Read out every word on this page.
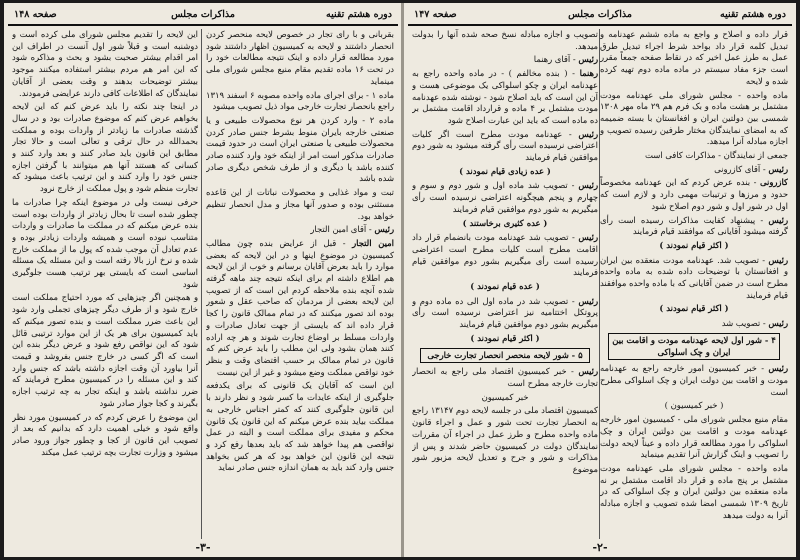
دوره هشتم تقنیه
مذاکرات مجلس
صفحه ۱۴۸

بقربانی و با رای تجار در خصوص لایحه منحصر کردن انحصار داشتند و لایحه به کمیسیون اظهار داشتند شود مورد مطالعه قرار داده و اینک نتیجه مطالعات خود را در تحت ۱۶ ماده تقدیم مقام منیع مجلس شورای ملی مینماید

ماده ۱ - برای اجرای ماده واحده مصوبه ۶ اسفند ۱۳۱۹ راجع بانحصار تجارت خارجی مواد ذیل تصویب میشود

ماده ۲ - وارد کردن هر نوع محصولات طبیعی و یا صنعتی خارجه بایران منوط بشرط جنس صادر کردن محصولات طبیعی یا صنعتی ایران است در حدود قیمت صادرات مذکور است امر از اینکه خود وارد کننده صادر کننده باشد یا دیگری و از طرف شخص دیگری صادر شده باشد

تبت و مواد غذایی و محصولات نباتات از این قاعده مستثنی بوده و صدور آنها مجاز و مدل انحصار تنظیم خواهد بود.

رئیس - آقای امین التجار

امین التجار - قبل از عرایض بنده چون مطالب کمیسیون در موضوع اینها و در این لایحه که بعضی موارد را باید بعرض آقایان برسانم و خوب از این لایحه هم اطلاع داشته ام برای اینکه نتیجه چند ماهه گرفته شده آنچه بنده ملاحظه کردم این است که از تصویب این لایحه بعضی از مردمان که صاحب عقل و شعور بوده اند تصور میکنند که در تمام ممالک قانون را کجا قرار داده اند که بایستی از جهت تعادل صادرات و واردات مسلط بر اوضاع تجارت شوند و هر چه اراده کنند همان بشود ولی این مطلب را باید عرض کنم که قانون در تمام ممالک بر حسب اقتضای وقت و بنظر خود نواقص مملکت وضع میشود و غیر از این نیست

این است که آقایان یک قانونی که برای یکدفعه جلوگیری از اینکه عایدات ما کسر شود و نظر دارند با این قانون جلوگیری کنند که کمتر اجناس خارجی به مملکت بیاید بنده عرض میکنم که این قانون یک قانون محکم و مفیدی برای مملکت است و البته در عمل نواقصی هم پیدا خواهد شد که باید بعدها رفع کرد و نتیجه این قانون این خواهد بود که هر کس بخواهد جنس وارد کند باید به همان اندازه جنس صادر نماید

این لایحه را تقدیم مجلس شورای ملی کرده است و دوشنبه است و قبلاً شور اول آنست در اطراف این امر اقدام بیشتر صحبت بشود و بحث و مذاکره شود که این امر هم مردم بیشتر استفاده میکنند موجود بیشتر توضیحات بدهند و وقت بعضی از آقایان نمایندگان که اطلاعات کافی دارند عرایضی فرمودند.

در اینجا چند نکته را باید عرض کنم که این لایحه بخواهم عرض کنم که موضوع صادرات بود و در سال گذشته صادرات ما زیادتر از واردات بوده و مملکت بحمدالله در حال ترقی و تعالی است و حالا تجار مطابق این قانون باید صادر کنند و بعد وارد کنند و کسانی که هستند آنها هم میتوانند با گرفتن اجازه جنس خود را وارد کنند و این ترتیب باعث میشود که تجارت منظم شود و پول مملکت از خارج نرود

حرفی نیست ولی در موضوع اینکه چرا صادرات ما چطور شده است تا بحال زیادتر از واردات بوده است بنده عرض میکنم که در مملکت ما صادرات و واردات متناسب نبوده است و همیشه واردات زیادتر بوده و عدم تعادل آن موجب شده که پول ما از مملکت خارج شده و نرخ ارز بالا رفته است و این مسئله یک مسئله اساسی است که بایستی بهر ترتیب هست جلوگیری شود

و همچنین اگر چیزهایی که مورد احتیاج مملکت است خارج شود و از طرف دیگر چیزهای تجملی وارد شود این باعث ضرر مملکت است و بنده تصور میکنم که باید کمیسیون برای هر یک از این موارد ترتیبی قائل شود که این نواقص رفع شود و عرض دیگر بنده این است که اگر کسی در خارج جنس بفروشد و قیمت آنرا بیاورد آن وقت اجازه داشته باشد که جنس وارد کند و این مسئله را در کمیسیون مطرح فرمایند که ضرر نداشته باشد و اینکه تجار به چه ترتیب اجازه بگیرند و کجا جواز صادر شود

این موضوع را عرض کردم که در کمیسیون مورد نظر واقع شود و خیلی اهمیت دارد که بدانیم که بعد از تصویب این قانون از کجا و چطور جواز ورود صادر میشود و وزارت تجارت بچه ترتیب عمل میکند

-۳-
دوره هشتم تقنیه
مذاکرات مجلس
صفحه ۱۴۷

قرار داده و اصلاح و واجع به ماده ششم عهدنامه و تبدیل کلمه قرار داد بواحد شرط اجراء تبدیل طرق عمل به طرز عمل اخیر که در نقاط صفحه جمعاً مقرر است جزء مفاد سیستم در ماده ماده دوم تهیه کرده شده و لایحه

ماده واحده - مجلس شورای ملی عهدنامه مودت مشتمل بر هشت ماده و بک فرم هم ۲۹ ماه مهر ۱۳۰۸ شمسی بین دولتین ایران و افغانستان با بسته ضمیمه که به امضای نمایندگان مختار طرفین رسیده تصویب و اجازه مبادله آنرا میدهد.

جمعی از نمایندگان - مذاکرات کافی است

رئیس - آقای کازرونی

کازرونی - بنده عرض کردم که این عهدنامه مخصوصاً حدود و مرزها و ترتیبات مهمی دارد و لازم است که اول در شور اول و شور دوم اصلاح شود

رئیس - پیشنهاد کفایت مذاکرات رسیده است رأی گرفته میشود آقایانی که موافقند قیام فرمایند

( اکثر قیام نمودند )

رئیس - تصویب شد. عهدنامه مودت منعقده بین ایران و افغانستان با توضیحات داده شده به ماده واحده مطرح است در ضمن آقایانی که با ماده واحده موافقند قیام فرمایند

( اکثر قیام نمودند )

رئیس - تصویب شد

۴ - شور اول لایحه عهدنامه مودت و اقامت بین ایران و چک اسلواکی

رئیس - خبر کمیسیون امور خارجه راجع به عهدنامه مودت و اقامت بین دولت ایران و چک اسلواکی مطرح است

( خبر کمیسیون )

مقام منیع مجلس شورای ملی - کمیسیون امور خارجه عهدنامه مودت و اقامت بین دولتین ایران و چک اسلواکی را مورد مطالعه قرار داده و عیناً لایحه دولت را تصویب و اینک گزارش آنرا تقدیم مینماید

ماده واحده - مجلس شورای ملی عهدنامه مودت مشتمل بر پنج ماده و قرار داد اقامت مشتمل بر نه ماده منعقده بین دولتین ایران و چک اسلواکی که در تاریخ ۱۳۰۹ شمسی امضا شده تصویب و اجازه مبادله آنرا به دولت میدهد

تصویب و اجازه مبادله نسخ صحه شده آنها را بدولت میدهد.

رئیس - آقای رهنما

رهنما - ( بنده مخالفم ) - در ماده واحده راجع به عهدنامه ایران و چکو اسلواکی یک موضوعی هست و آن این است که باید اصلاح شود - نوشته شده عهدنامه مودت مشتمل بر ۴ ماده و قرارداد اقامت مشتمل بر ده ماده است که باید این عبارت اصلاح شود

رئیس - عهدنامه مودت مطرح است اگر کلیات اعتراضی نرسیده است رأی گرفته میشود به شور دوم موافقین قیام فرمایند

( عده زیادی قیام نمودند )

رئیس - تصویب شد ماده اول و شور دوم و سوم و چهارم و پنجم هیچگونه اعتراضی نرسیده است رأی میگیریم به شور دوم موافقین قیام فرمایند

( عده کثیری برخاستند )

رئیس - تصویب شد عهدنامه مودت بانضمام قرار داد اقامت مطرح است کلیات مطرح است اعتراضی رسیده است رأی میگیریم بشور دوم موافقین قیام فرمایند

( عده قیام نمودند )

رئیس - تصویب شد در ماده اول الی ده ماده دوم و پروتکل اختتامیه نیز اعتراضی نرسیده است رأی میگیریم بشور دوم موافقین قیام فرمایند

( اکثر قیام نمودند )

۵ - شور لایحه منحصر انحصار تجارت خارجی

رئیس - خبر کمیسیون اقتصاد ملی راجع به انحصار تجارت خارجه مطرح است

خبر کمیسیون

کمیسیون اقتصاد ملی در جلسه لایحه دوم ۱۳۱۴۷ راجع به انحصار تجارت تحت شور و عمل و اجراء قانون ماده واحده مطرح و طرز عمل در اجراء آن مقررات نمایندگان دولت در کمیسیون حاضر شدند و پس از مذاکرات و شور و جرح و تعدیل لایحه مزبور شور موضوع

-۲-
